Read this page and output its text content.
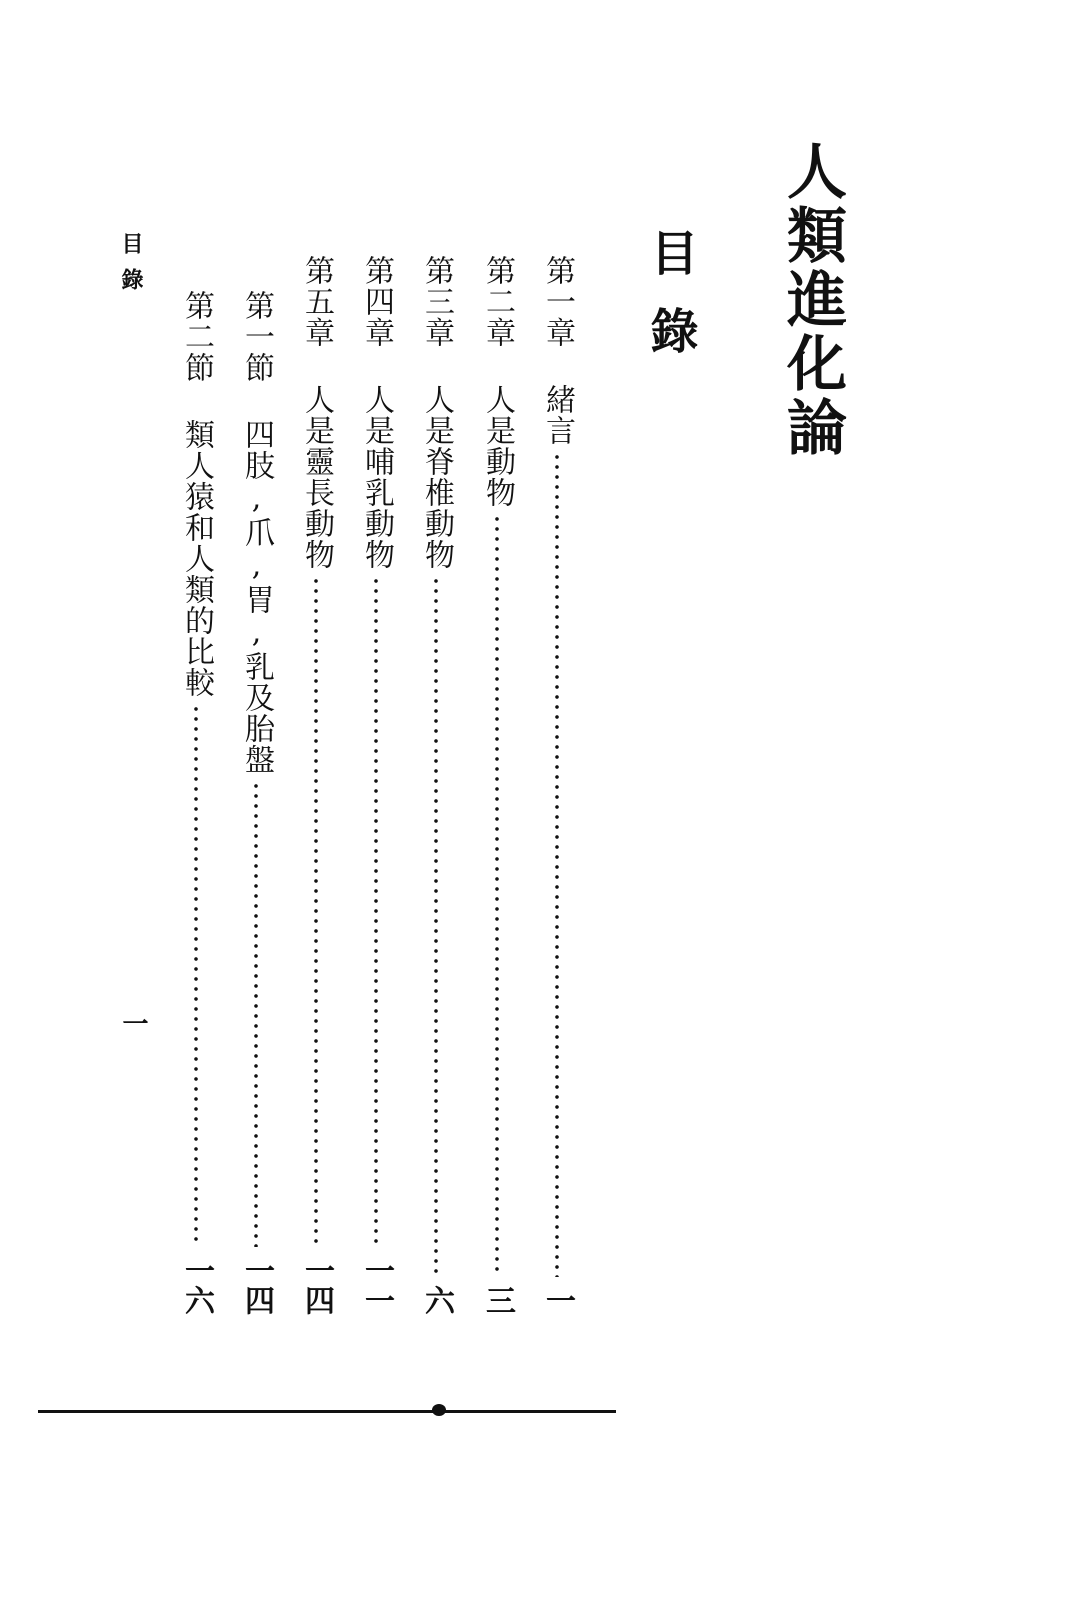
人類進化論
目錄
第一章
緒言
一
第二章
人是動物
三
第三章
人是脊椎動物
六
第四章
人是哺乳動物
一一
第五章
人是靈長動物
一四
第一節
四肢,爪,胃,乳及胎盤
一四
第二節
類人猿和人類的比較
一六
目錄
一
